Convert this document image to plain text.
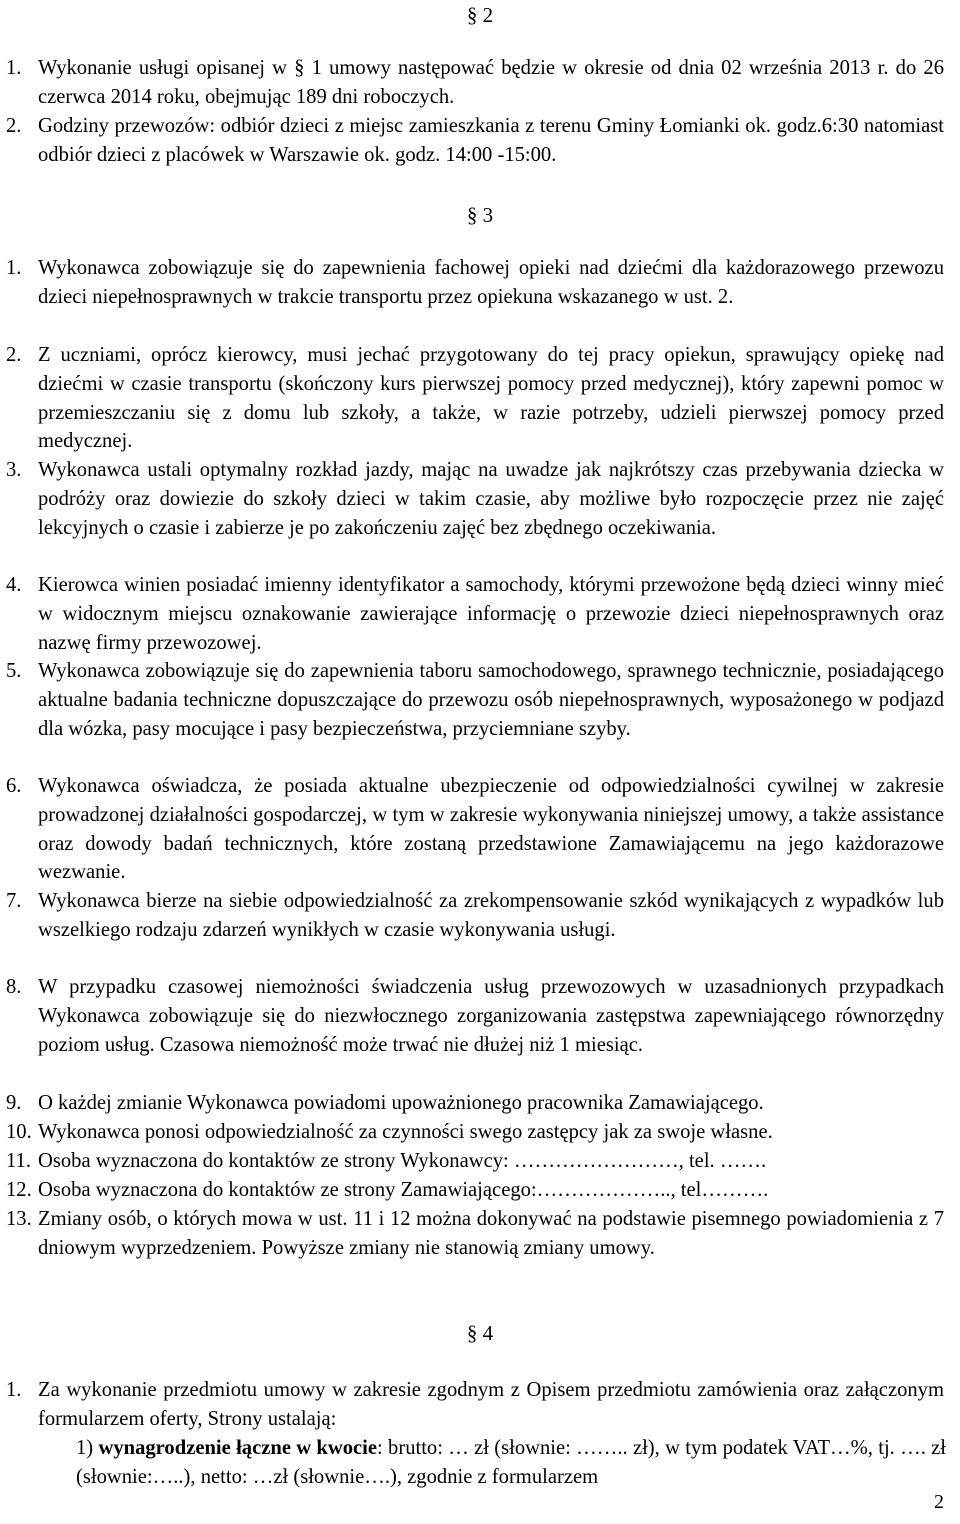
§ 2
1. Wykonanie usługi opisanej w § 1 umowy następować będzie w okresie od dnia 02 września 2013 r. do 26 czerwca 2014 roku, obejmując 189 dni roboczych.
2. Godziny przewozów: odbiór dzieci z miejsc zamieszkania z terenu Gminy Łomianki ok. godz.6:30 natomiast odbiór dzieci z placówek w Warszawie ok. godz. 14:00 -15:00.
§ 3
1. Wykonawca zobowiązuje się do zapewnienia fachowej opieki nad dziećmi dla każdorazowego przewozu dzieci niepełnosprawnych w trakcie transportu przez opiekuna wskazanego w ust. 2.
2. Z uczniami, oprócz kierowcy, musi jechać przygotowany do tej pracy opiekun, sprawujący opiekę nad dziećmi w czasie transportu (skończony kurs pierwszej pomocy przed medycznej), który zapewni pomoc w przemieszczaniu się z domu lub szkoły, a także, w razie potrzeby, udzieli pierwszej pomocy przed medycznej.
3. Wykonawca ustali optymalny rozkład jazdy, mając na uwadze jak najkrótszy czas przebywania dziecka w podróży oraz dowiezie do szkoły dzieci w takim czasie, aby możliwe było rozpoczęcie przez nie zajęć lekcyjnych o czasie i zabierze je po zakończeniu zajęć bez zbędnego oczekiwania.
4. Kierowca winien posiadać imienny identyfikator a samochody, którymi przewożone będą dzieci winny mieć w widocznym miejscu oznakowanie zawierające informację o przewozie dzieci niepełnosprawnych oraz nazwę firmy przewozowej.
5. Wykonawca zobowiązuje się do zapewnienia taboru samochodowego, sprawnego technicznie, posiadającego aktualne badania techniczne dopuszczające do przewozu osób niepełnosprawnych, wyposażonego w podjazd dla wózka, pasy mocujące i pasy bezpieczeństwa, przyciemniane szyby.
6. Wykonawca oświadcza, że posiada aktualne ubezpieczenie od odpowiedzialności cywilnej w zakresie prowadzonej działalności gospodarczej, w tym w zakresie wykonywania niniejszej umowy, a także assistance oraz dowody badań technicznych, które zostaną przedstawione Zamawiającemu na jego każdorazowe wezwanie.
7. Wykonawca bierze na siebie odpowiedzialność za zrekompensowanie szkód wynikających z wypadków lub wszelkiego rodzaju zdarzeń wynikłych w czasie wykonywania usługi.
8. W przypadku czasowej niemożności świadczenia usług przewozowych w uzasadnionych przypadkach Wykonawca zobowiązuje się do niezwłocznego zorganizowania zastępstwa zapewniającego równorzędny poziom usług. Czasowa niemożność może trwać nie dłużej niż 1 miesiąc.
9. O każdej zmianie Wykonawca powiadomi upoważnionego pracownika Zamawiającego.
10. Wykonawca ponosi odpowiedzialność za czynności swego zastępcy jak za swoje własne.
11. Osoba wyznaczona do kontaktów ze strony Wykonawcy: ……………………, tel. …….
12. Osoba wyznaczona do kontaktów ze strony Zamawiającego:……………….., tel……….
13. Zmiany osób, o których mowa w ust. 11 i 12 można dokonywać na podstawie pisemnego powiadomienia z 7 dniowym wyprzedzeniem. Powyższe zmiany nie stanowią zmiany umowy.
§ 4
1. Za wykonanie przedmiotu umowy w zakresie zgodnym z Opisem przedmiotu zamówienia oraz załączonym formularzem oferty, Strony ustalają:
1) wynagrodzenie łączne w kwocie: brutto: … zł (słownie: …….. zł), w tym podatek VAT…%, tj. …. zł (słownie:…..), netto: …zł (słownie….), zgodnie z formularzem
2
